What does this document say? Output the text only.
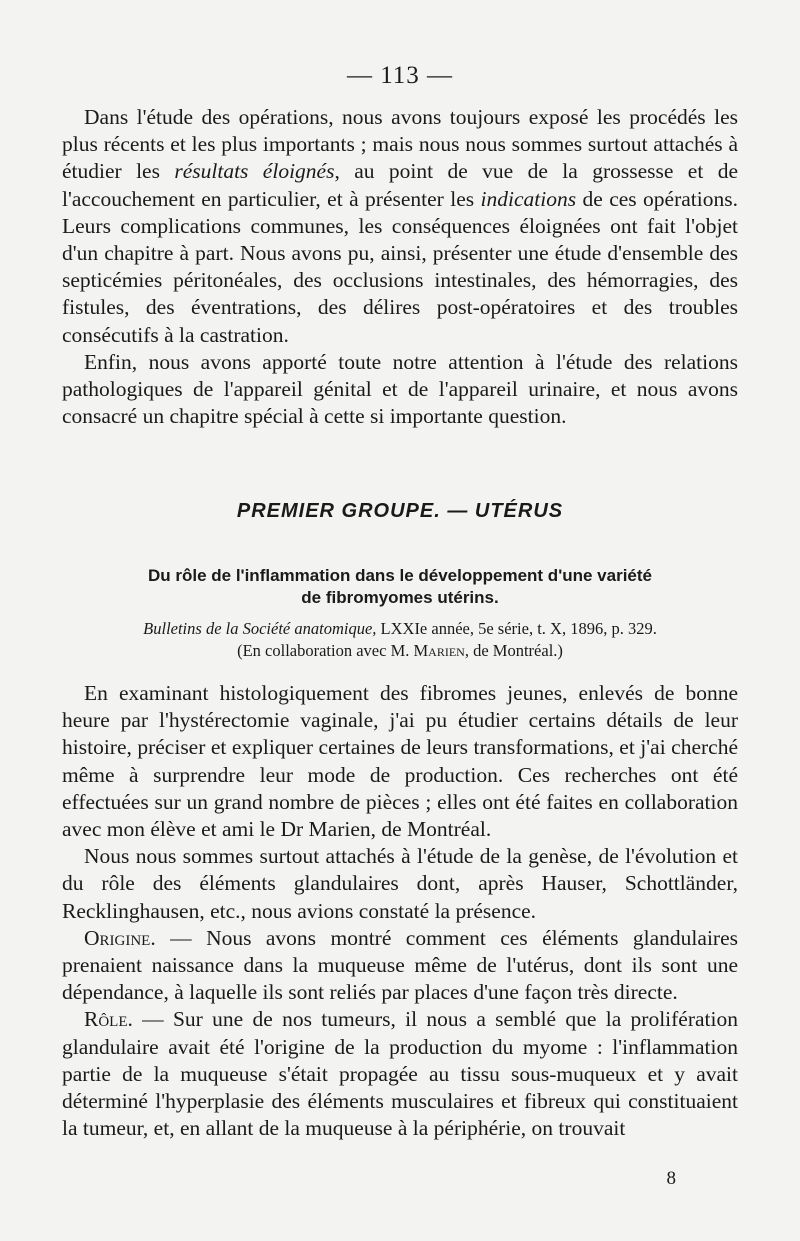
— 113 —

Dans l'étude des opérations, nous avons toujours exposé les procédés les plus récents et les plus importants ; mais nous nous sommes surtout attachés à étudier les résultats éloignés, au point de vue de la grossesse et de l'accouchement en particulier, et à présenter les indications de ces opérations. Leurs complications communes, les conséquences éloignées ont fait l'objet d'un chapitre à part. Nous avons pu, ainsi, présenter une étude d'ensemble des septicémies péritonéales, des occlusions intestinales, des hémorragies, des fistules, des éventrations, des délires post-opératoires et des troubles consécutifs à la castration.

Enfin, nous avons apporté toute notre attention à l'étude des relations pathologiques de l'appareil génital et de l'appareil urinaire, et nous avons consacré un chapitre spécial à cette si importante question.

PREMIER GROUPE. — UTÉRUS
Du rôle de l'inflammation dans le développement d'une variété
de fibromyomes utérins.
Bulletins de la Société anatomique, LXXIe année, 5e série, t. X, 1896, p. 329.
(En collaboration avec M. Marien, de Montréal.)

En examinant histologiquement des fibromes jeunes, enlevés de bonne heure par l'hystérectomie vaginale, j'ai pu étudier certains détails de leur histoire, préciser et expliquer certaines de leurs transformations, et j'ai cherché même à surprendre leur mode de production. Ces recherches ont été effectuées sur un grand nombre de pièces ; elles ont été faites en collaboration avec mon élève et ami le Dr Marien, de Montréal.

Nous nous sommes surtout attachés à l'étude de la genèse, de l'évolution et du rôle des éléments glandulaires dont, après Hauser, Schottländer, Recklinghausen, etc., nous avions constaté la présence.

Origine. — Nous avons montré comment ces éléments glandulaires prenaient naissance dans la muqueuse même de l'utérus, dont ils sont une dépendance, à laquelle ils sont reliés par places d'une façon très directe.

Rôle. — Sur une de nos tumeurs, il nous a semblé que la prolifération glandulaire avait été l'origine de la production du myome : l'inflammation partie de la muqueuse s'était propagée au tissu sous-muqueux et y avait déterminé l'hyperplasie des éléments musculaires et fibreux qui constituaient la tumeur, et, en allant de la muqueuse à la périphérie, on trouvait

8
